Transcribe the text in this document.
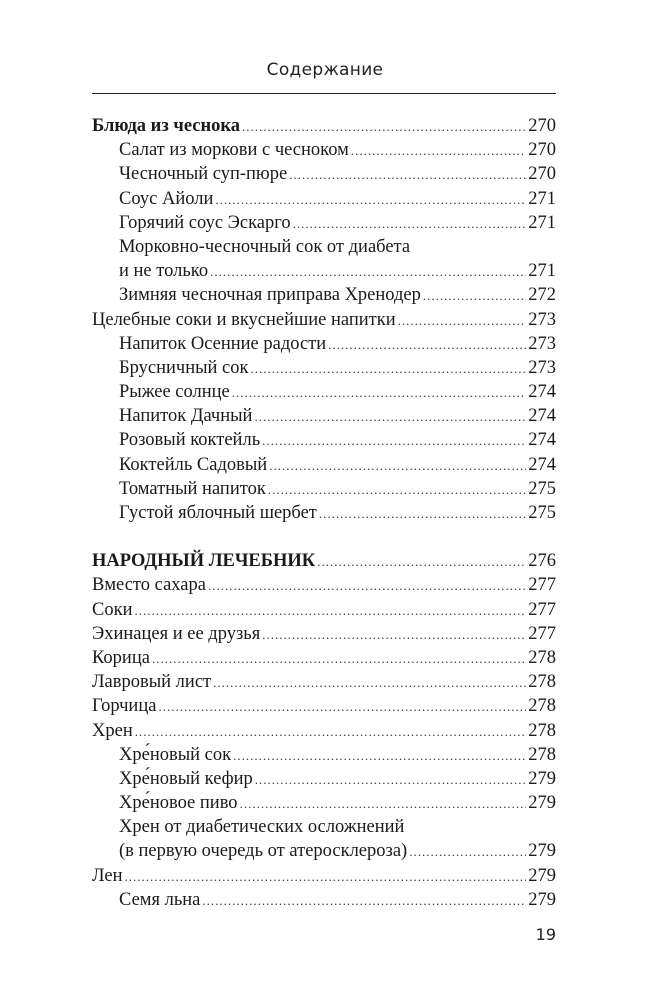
Содержание
Блюда из чеснока .....	270
Салат из моркови с чесноком .....	270
Чесночный суп-пюре .....	270
Соус Айоли .....	271
Горячий соус Эскарго .....	271
Морковно-чесночный сок от диабета
и не только .....	271
Зимняя чесночная приправа Хренодер .....	272
Целебные соки и вкуснейшие напитки .....	273
Напиток Осенние радости .....	273
Брусничный сок .....	273
Рыжее солнце .....	274
Напиток Дачный .....	274
Розовый коктейль .....	274
Коктейль Садовый .....	274
Томатный напиток .....	275
Густой яблочный шербет .....	275
НАРОДНЫЙ ЛЕЧЕБНИК .....	276
Вместо сахара .....	277
Соки .....	277
Эхинацея и ее друзья .....	277
Корица .....	278
Лавровый лист .....	278
Горчица .....	278
Хрен .....	278
Хре́новый сок .....	278
Хре́новый кефир .....	279
Хре́новое пиво .....	279
Хрен от диабетических осложнений
(в первую очередь от атеросклероза) .....	279
Лен .....	279
Семя льна .....	279
19
